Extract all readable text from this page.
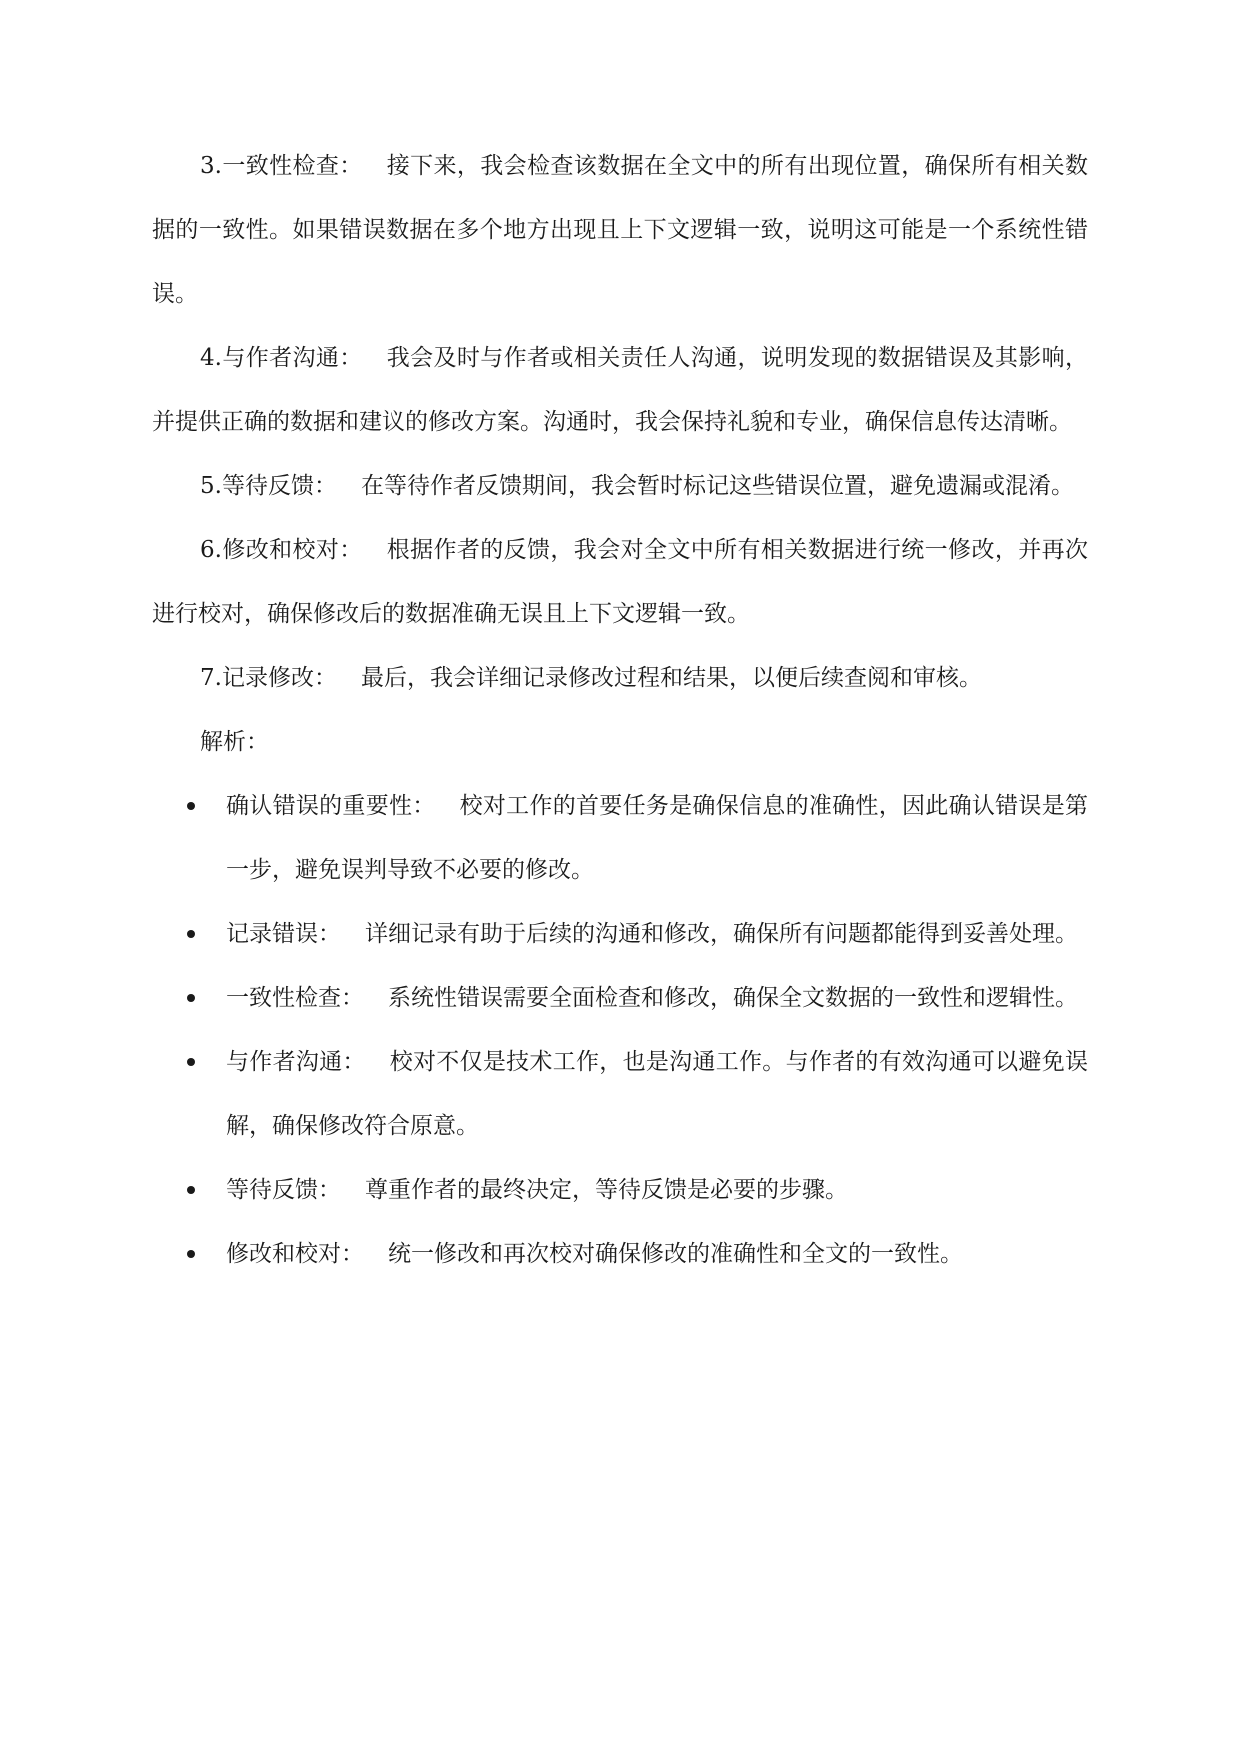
3.一致性检查： 接下来，我会检查该数据在全文中的所有出现位置，确保所有相关数据的一致性。如果错误数据在多个地方出现且上下文逻辑一致，说明这可能是一个系统性错误。

4.与作者沟通： 我会及时与作者或相关责任人沟通，说明发现的数据错误及其影响，并提供正确的数据和建议的修改方案。沟通时，我会保持礼貌和专业，确保信息传达清晰。

5.等待反馈： 在等待作者反馈期间，我会暂时标记这些错误位置，避免遗漏或混淆。

6.修改和校对： 根据作者的反馈，我会对全文中所有相关数据进行统一修改，并再次进行校对，确保修改后的数据准确无误且上下文逻辑一致。

7.记录修改： 最后，我会详细记录修改过程和结果，以便后续查阅和审核。

解析：

确认错误的重要性： 校对工作的首要任务是确保信息的准确性，因此确认错误是第一步，避免误判导致不必要的修改。
记录错误： 详细记录有助于后续的沟通和修改，确保所有问题都能得到妥善处理。
一致性检查： 系统性错误需要全面检查和修改，确保全文数据的一致性和逻辑性。
与作者沟通： 校对不仅是技术工作，也是沟通工作。与作者的有效沟通可以避免误解，确保修改符合原意。
等待反馈： 尊重作者的最终决定，等待反馈是必要的步骤。
修改和校对： 统一修改和再次校对确保修改的准确性和全文的一致性。
